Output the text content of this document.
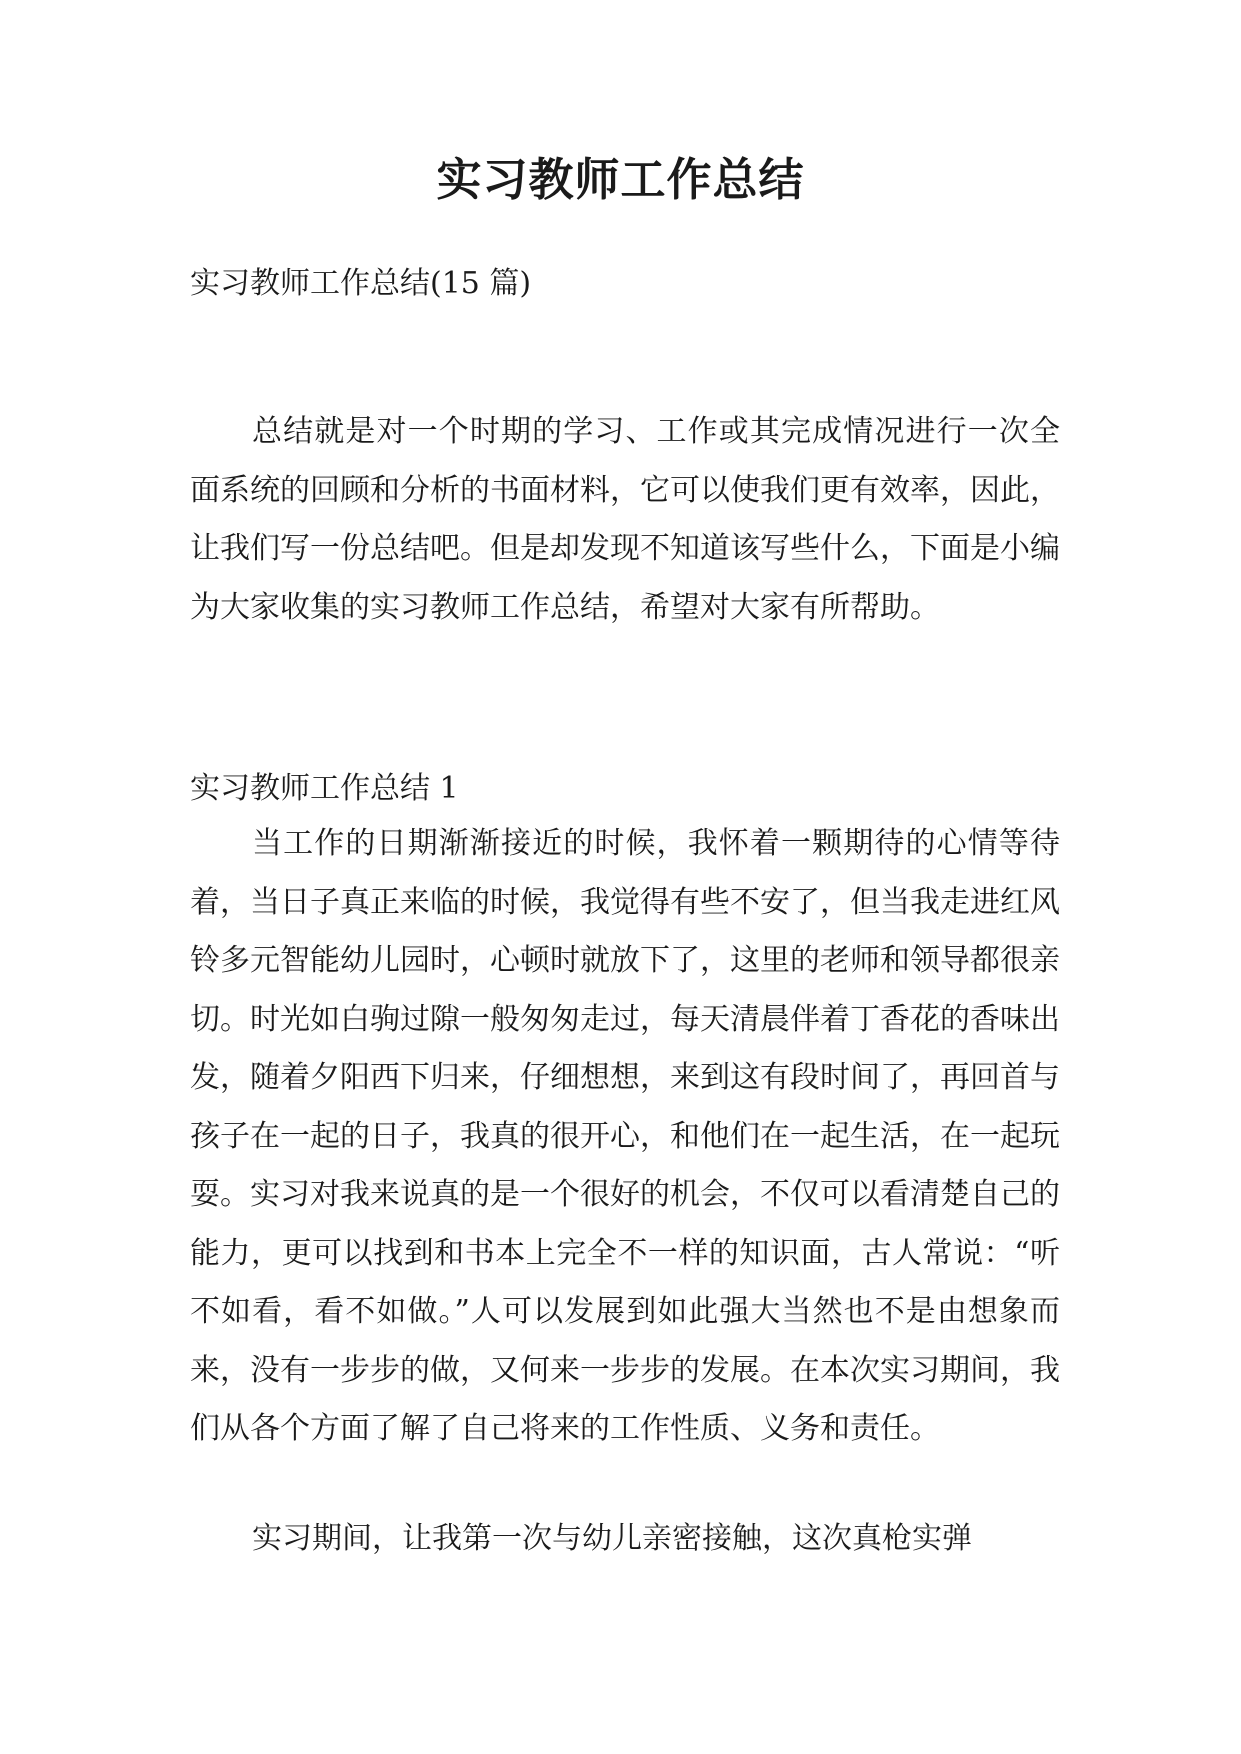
实习教师工作总结

实习教师工作总结(15 篇)

总结就是对一个时期的学习、工作或其完成情况进行一次全面系统的回顾和分析的书面材料，它可以使我们更有效率，因此，让我们写一份总结吧。但是却发现不知道该写些什么，下面是小编为大家收集的实习教师工作总结，希望对大家有所帮助。

实习教师工作总结 1

当工作的日期渐渐接近的时候，我怀着一颗期待的心情等待着，当日子真正来临的时候，我觉得有些不安了，但当我走进红风铃多元智能幼儿园时，心顿时就放下了，这里的老师和领导都很亲切。时光如白驹过隙一般匆匆走过，每天清晨伴着丁香花的香味出发，随着夕阳西下归来，仔细想想，来到这有段时间了，再回首与孩子在一起的日子，我真的很开心，和他们在一起生活，在一起玩耍。实习对我来说真的是一个很好的机会，不仅可以看清楚自己的能力，更可以找到和书本上完全不一样的知识面，古人常说：“听不如看，看不如做。”人可以发展到如此强大当然也不是由想象而来，没有一步步的做，又何来一步步的发展。在本次实习期间，我们从各个方面了解了自己将来的工作性质、义务和责任。

实习期间，让我第一次与幼儿亲密接触，这次真枪实弹
